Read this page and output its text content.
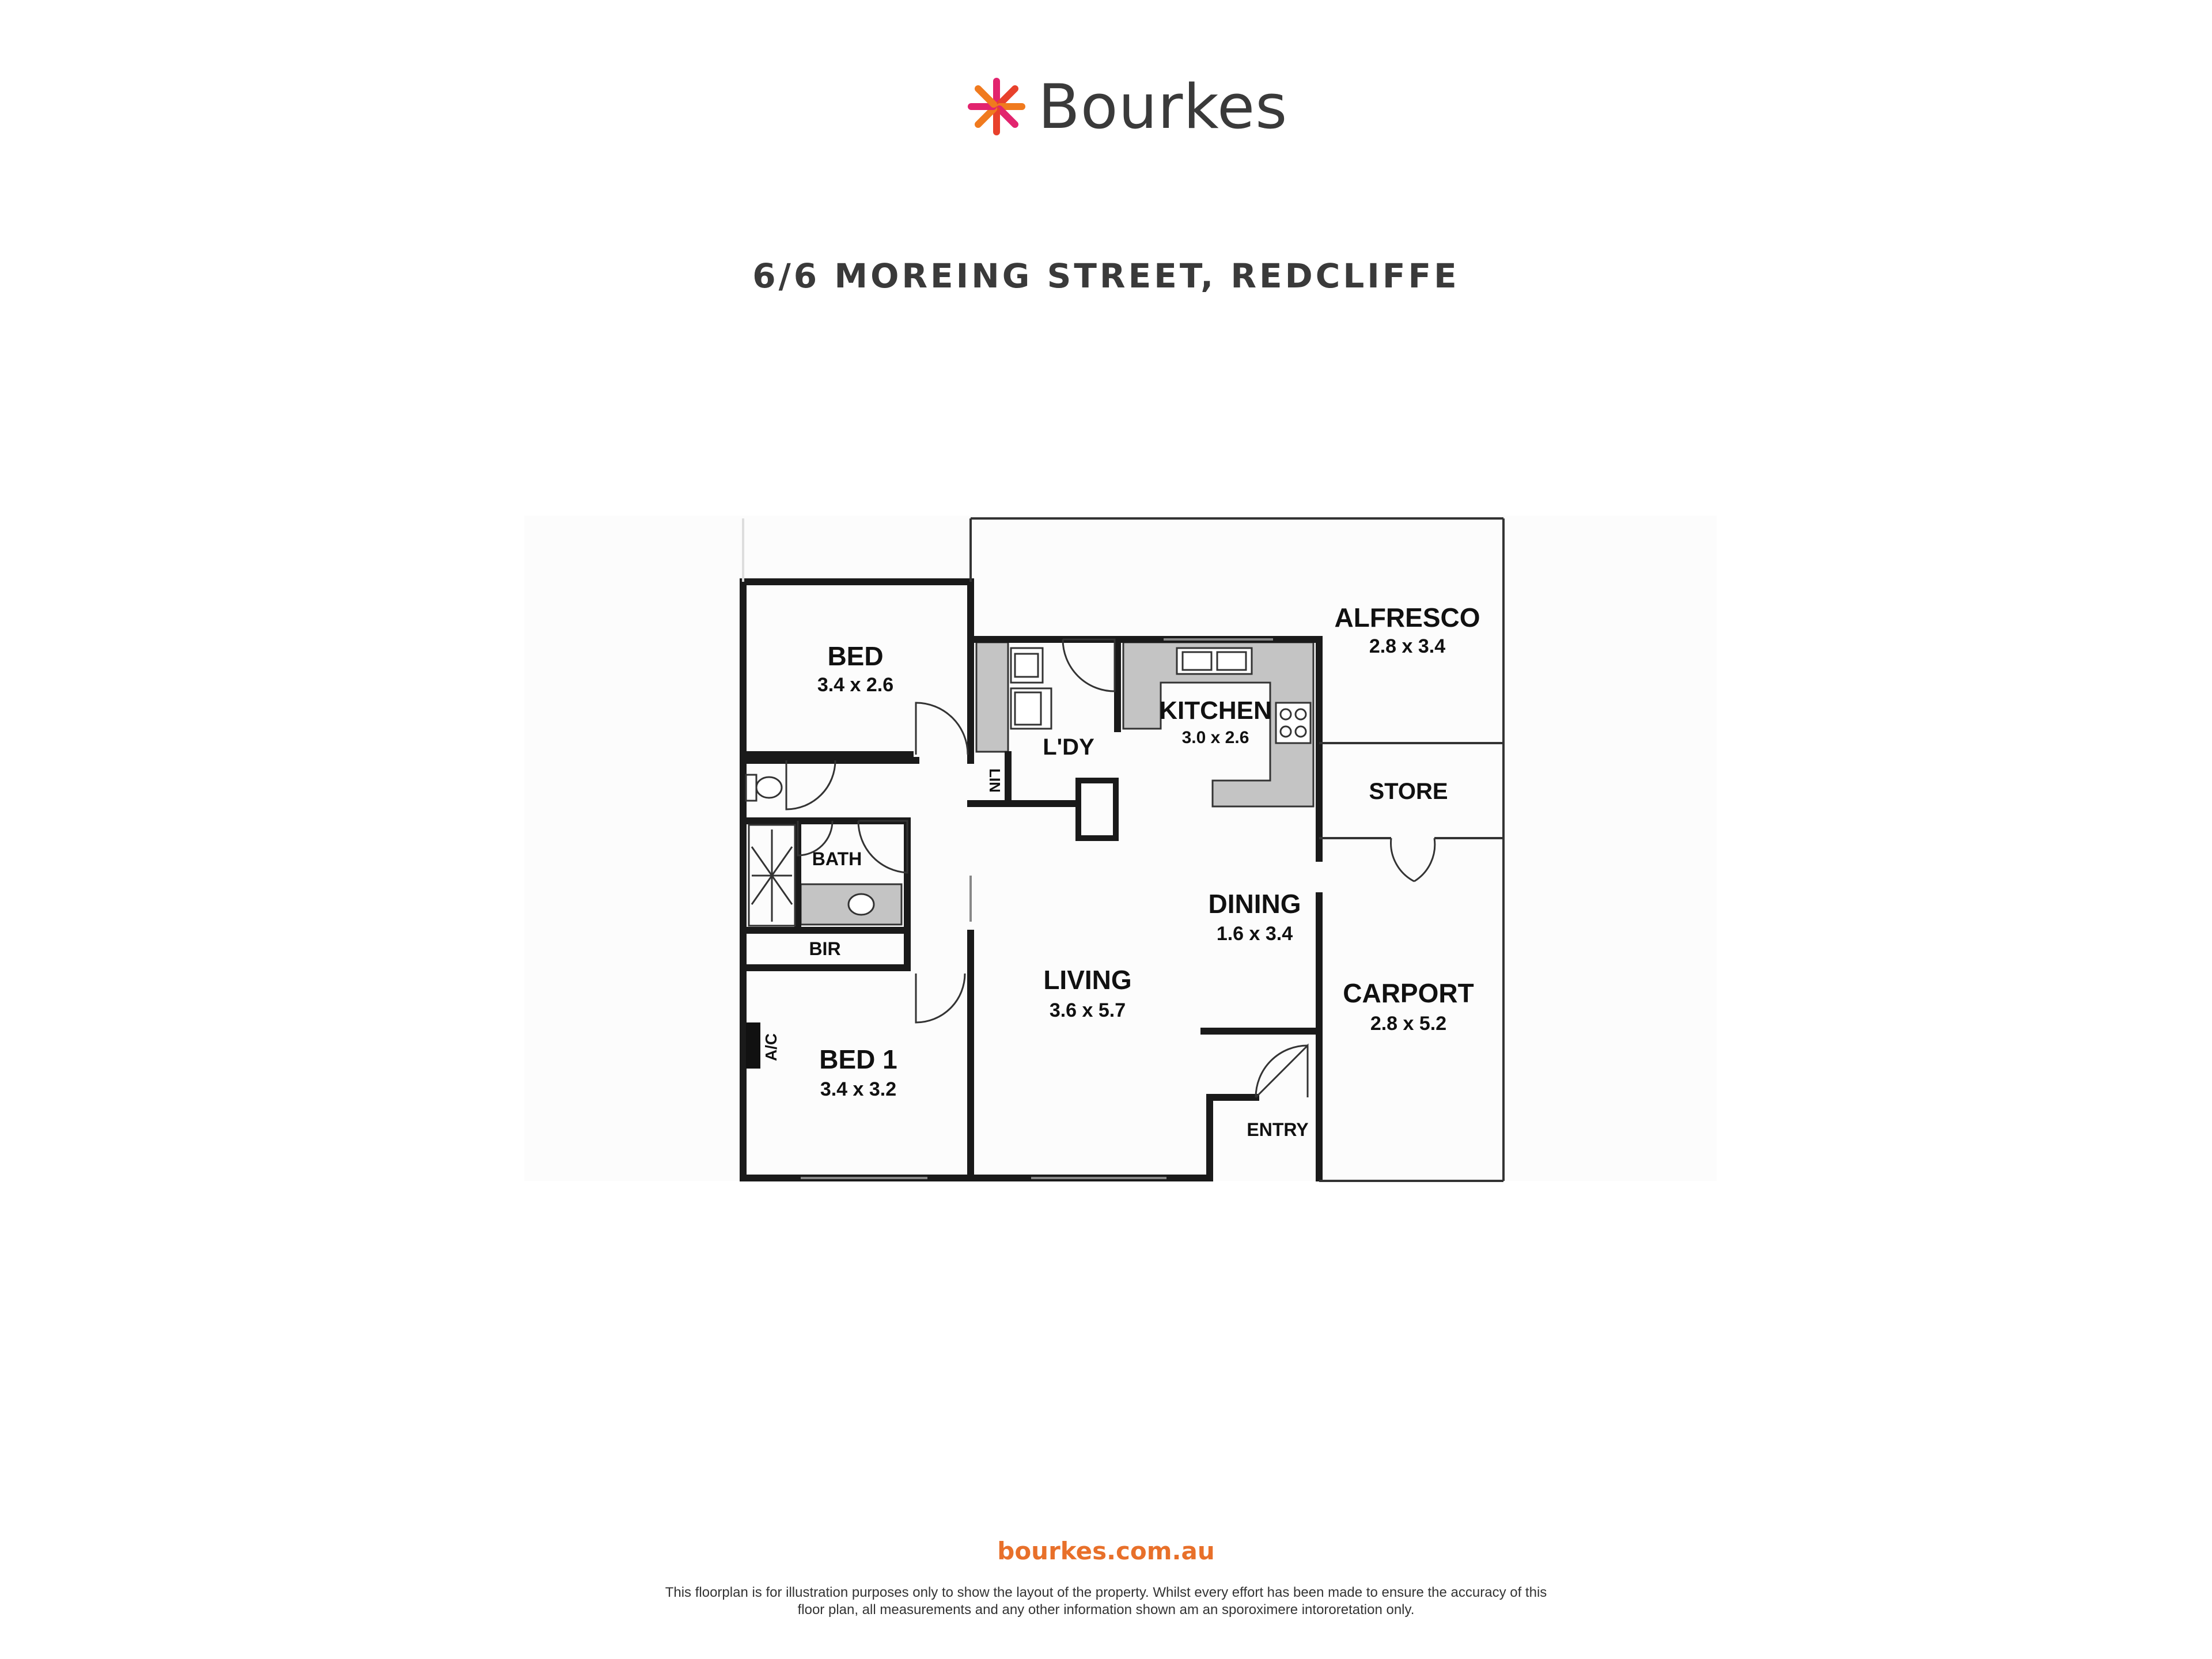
Bourkes
6/6 MOREING STREET, REDCLIFFE
BED
3.4 x 2.6
BATH
BIR
BED 1
3.4 x 3.2
A/C
LIN
L'DY
KITCHEN
3.0 x 2.6
DINING
1.6 x 3.4
LIVING
3.6 x 5.7
ENTRY
ALFRESCO
2.8 x 3.4
STORE
CARPORT
2.8 x 5.2
bourkes.com.au
This floorplan is for illustration purposes only to show the layout of the property. Whilst every effort has been made to ensure the accuracy of this
floor plan, all measurements and any other information shown am an sporoximere intororetation only.
